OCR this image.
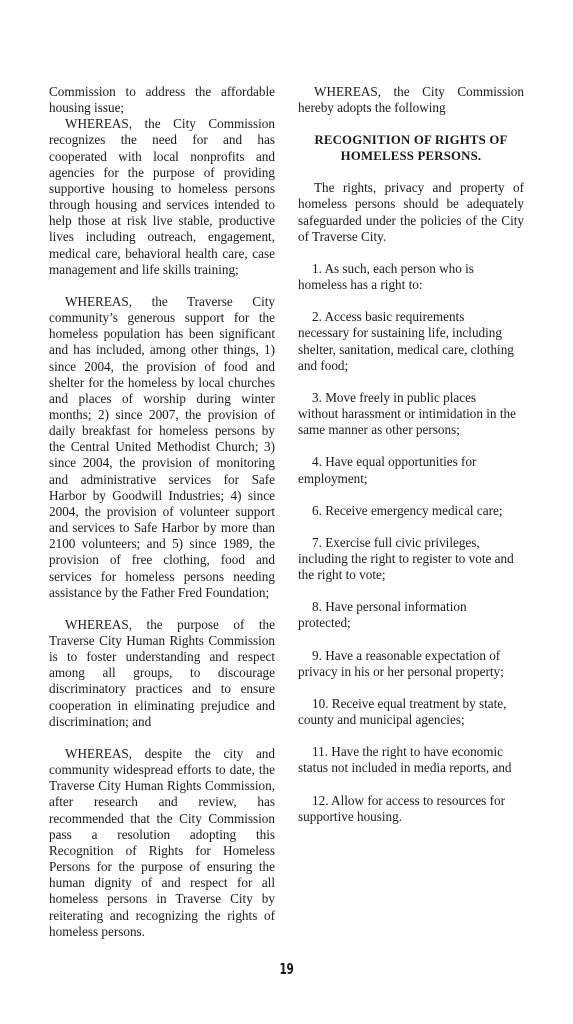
Commission to address the affordable housing issue;

WHEREAS, the City Commission recognizes the need for and has cooperated with local nonprofits and agencies for the purpose of providing supportive housing to homeless persons through housing and services intended to help those at risk live stable, productive lives including outreach, engagement, medical care, behavioral health care, case management and life skills training;

WHEREAS, the Traverse City community’s generous support for the homeless population has been significant and has included, among other things, 1) since 2004, the provision of food and shelter for the homeless by local churches and places of worship during winter months; 2) since 2007, the provision of daily breakfast for homeless persons by the Central United Methodist Church; 3) since 2004, the provision of monitoring and administrative services for Safe Harbor by Goodwill Industries; 4) since 2004, the provision of volunteer support and services to Safe Harbor by more than 2100 volunteers; and 5) since 1989, the provision of free clothing, food and services for homeless persons needing assistance by the Father Fred Foundation;

WHEREAS, the purpose of the Traverse City Human Rights Commission is to foster understanding and respect among all groups, to discourage discriminatory practices and to ensure cooperation in eliminating prejudice and discrimination; and

WHEREAS, despite the city and community widespread efforts to date, the Traverse City Human Rights Commission, after research and review, has recommended that the City Commission pass a resolution adopting this Recognition of Rights for Homeless Persons for the purpose of ensuring the human dignity of and respect for all homeless persons in Traverse City by reiterating and recognizing the rights of homeless persons.

WHEREAS, the City Commission hereby adopts the following

RECOGNITION OF RIGHTS OF HOMELESS PERSONS.

The rights, privacy and property of homeless persons should be adequately safeguarded under the policies of the City of Traverse City.

1. As such, each person who is homeless has a right to:

2. Access basic requirements necessary for sustaining life, including shelter, sanitation, medical care, clothing and food;

3. Move freely in public places without harassment or intimidation in the same manner as other persons;

4. Have equal opportunities for employment;

6. Receive emergency medical care;

7. Exercise full civic privileges, including the right to register to vote and the right to vote;

8. Have personal information protected;

9. Have a reasonable expectation of privacy in his or her personal property;

10. Receive equal treatment by state, county and municipal agencies;

11. Have the right to have economic status not included in media reports, and

12. Allow for access to resources for supportive housing.

19
